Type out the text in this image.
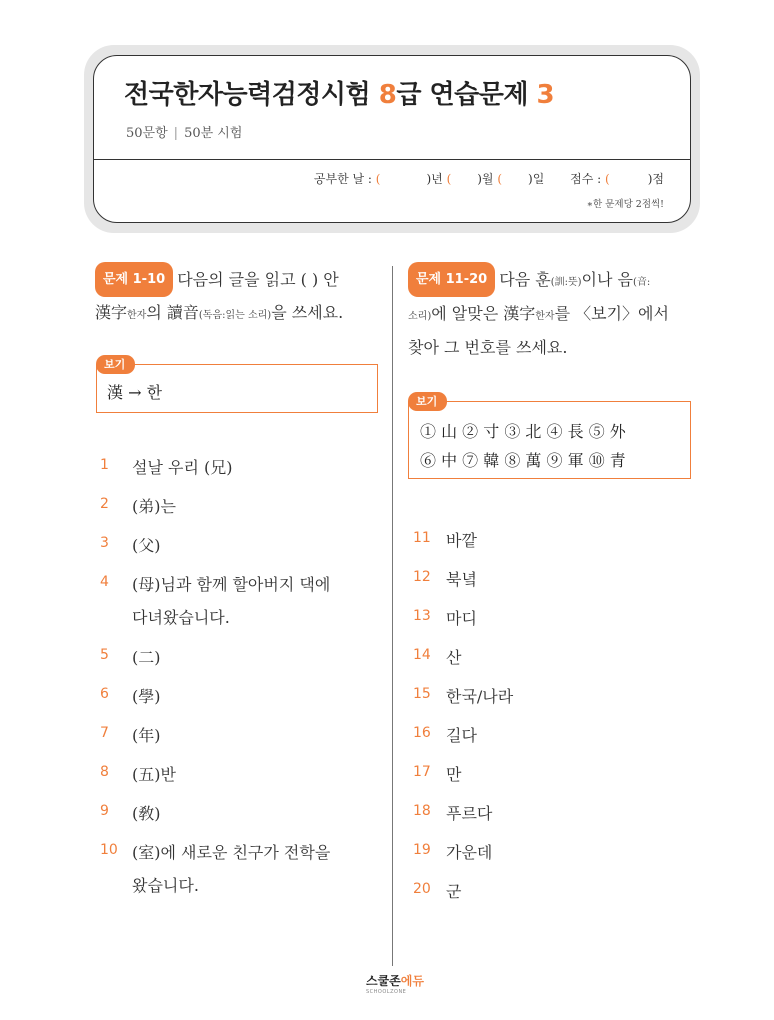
전국한자능력검정시험 8급 연습문제 3
50문항 | 50분 시험
공부한 날 : (	)년 ( )월 ( )일 점수 : (	)점
∗한 문제당 2점씩!
문제 1-10 다음의 글을 읽고 ( ) 안
漢字한자의 讀音(독음:읽는 소리)을 쓰세요.
보기
漢 → 한
1 설날 우리 (兄)
2 (弟)는
3 (父)
4 (母)님과 함께 할아버지 댁에
다녀왔습니다.
5 (二)
6 (學)
7 (年)
8 (五)반
9 (敎)
10 (室)에 새로운 친구가 전학을
왔습니다.
문제 11-20 다음 훈(訓:뜻)이나 음(音:
소리)에 알맞은 漢字한자를 〈보기〉에서
찾아 그 번호를 쓰세요.
보기
① 山 ② 寸 ③ 北 ④ 長 ⑤ 外
⑥ 中 ⑦ 韓 ⑧ 萬 ⑨ 軍 ⑩ 青
11 바깥
12 북녘
13 마디
14 산
15 한국/나라
16 길다
17 만
18 푸르다
19 가운데
20 군
스쿨존에듀
SCHOOLZONE
